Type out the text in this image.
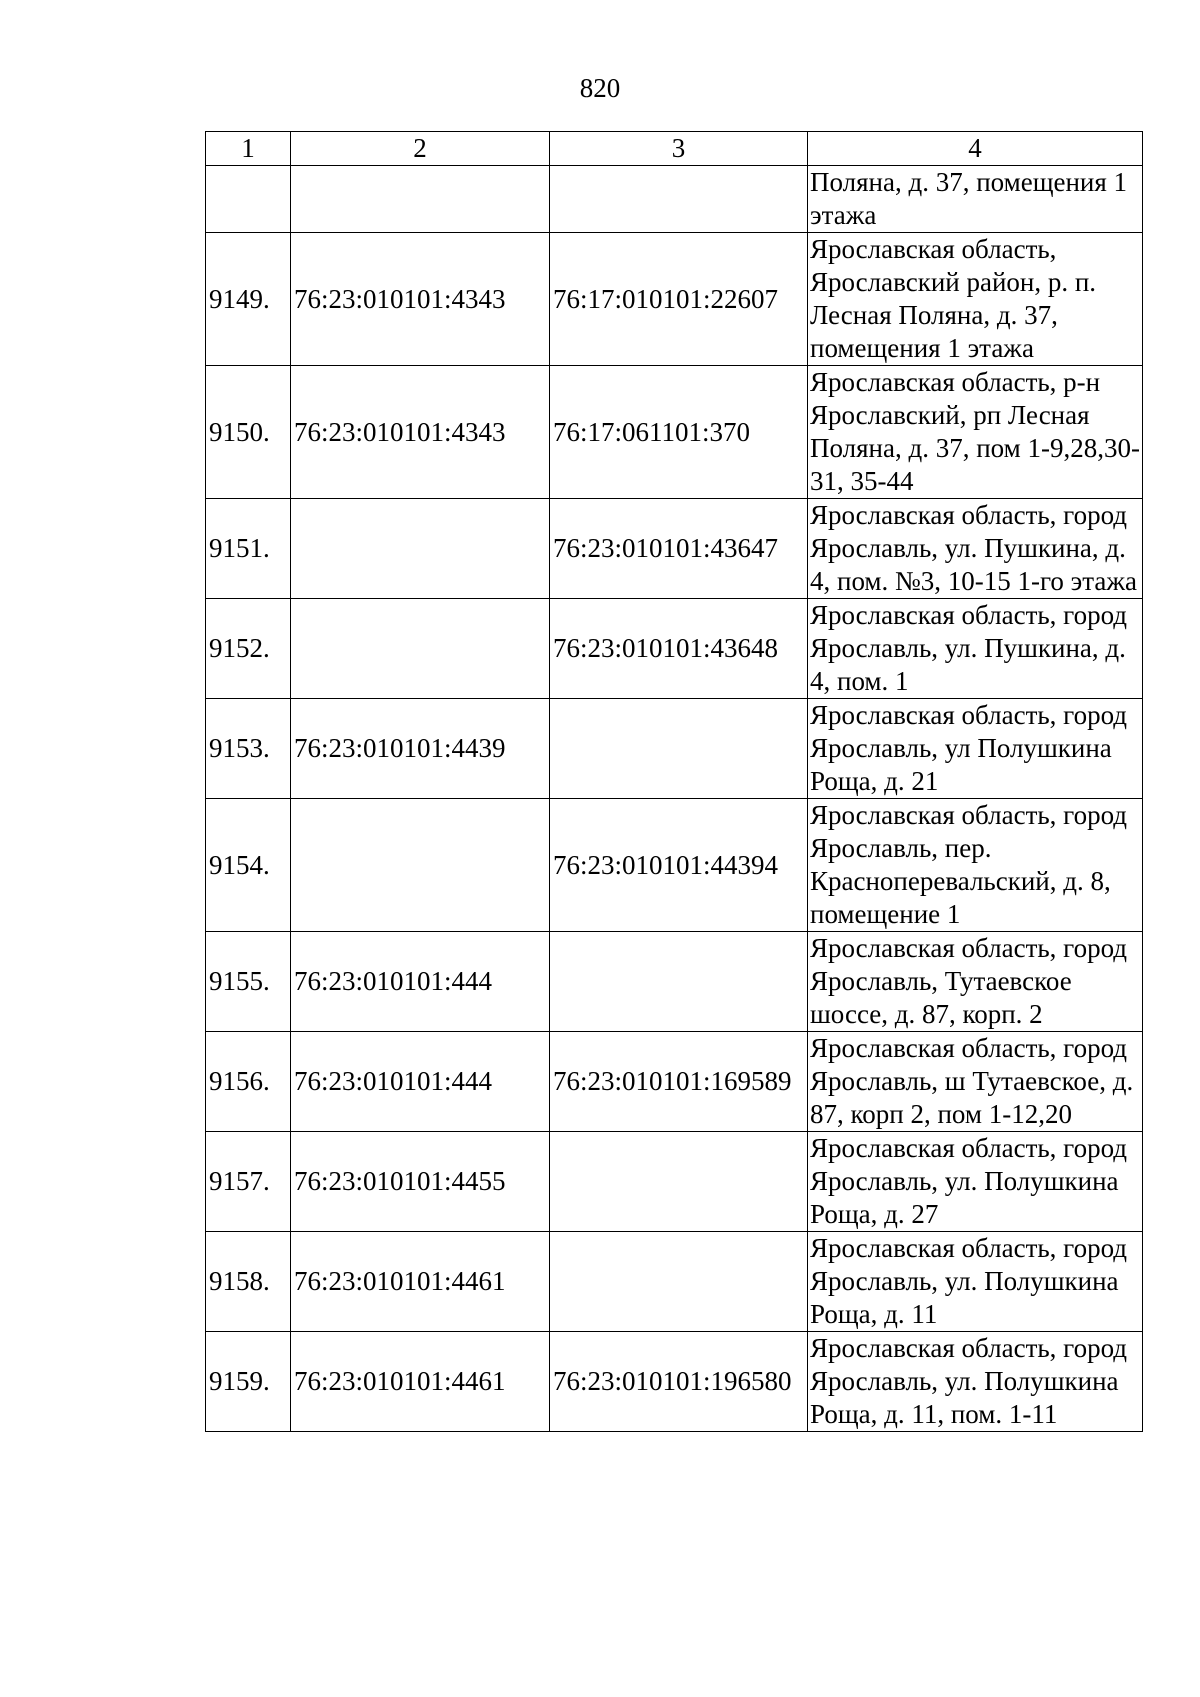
820
1	2	3	4
			Поляна, д. 37, помещения 1 этажа
9149.	76:23:010101:4343	76:17:010101:22607	Ярославская область, Ярославский район, р. п. Лесная Поляна, д. 37, помещения 1 этажа
9150.	76:23:010101:4343	76:17:061101:370	Ярославская область, р-н Ярославский, рп Лесная Поляна, д. 37, пом 1-9,28,30-31, 35-44
9151.		76:23:010101:43647	Ярославская область, город Ярославль, ул. Пушкина, д. 4, пом. №3, 10-15 1-го этажа
9152.		76:23:010101:43648	Ярославская область, город Ярославль, ул. Пушкина, д. 4, пом. 1
9153.	76:23:010101:4439		Ярославская область, город Ярославль, ул Полушкина Роща, д. 21
9154.		76:23:010101:44394	Ярославская область, город Ярославль, пер. Красноперевальский, д. 8, помещение 1
9155.	76:23:010101:444		Ярославская область, город Ярославль, Тутаевское шоссе, д. 87, корп. 2
9156.	76:23:010101:444	76:23:010101:169589	Ярославская область, город Ярославль, ш Тутаевское, д. 87, корп 2, пом 1-12,20
9157.	76:23:010101:4455		Ярославская область, город Ярославль, ул. Полушкина Роща, д. 27
9158.	76:23:010101:4461		Ярославская область, город Ярославль, ул. Полушкина Роща, д. 11
9159.	76:23:010101:4461	76:23:010101:196580	Ярославская область, город Ярославль, ул. Полушкина Роща, д. 11, пом. 1-11
